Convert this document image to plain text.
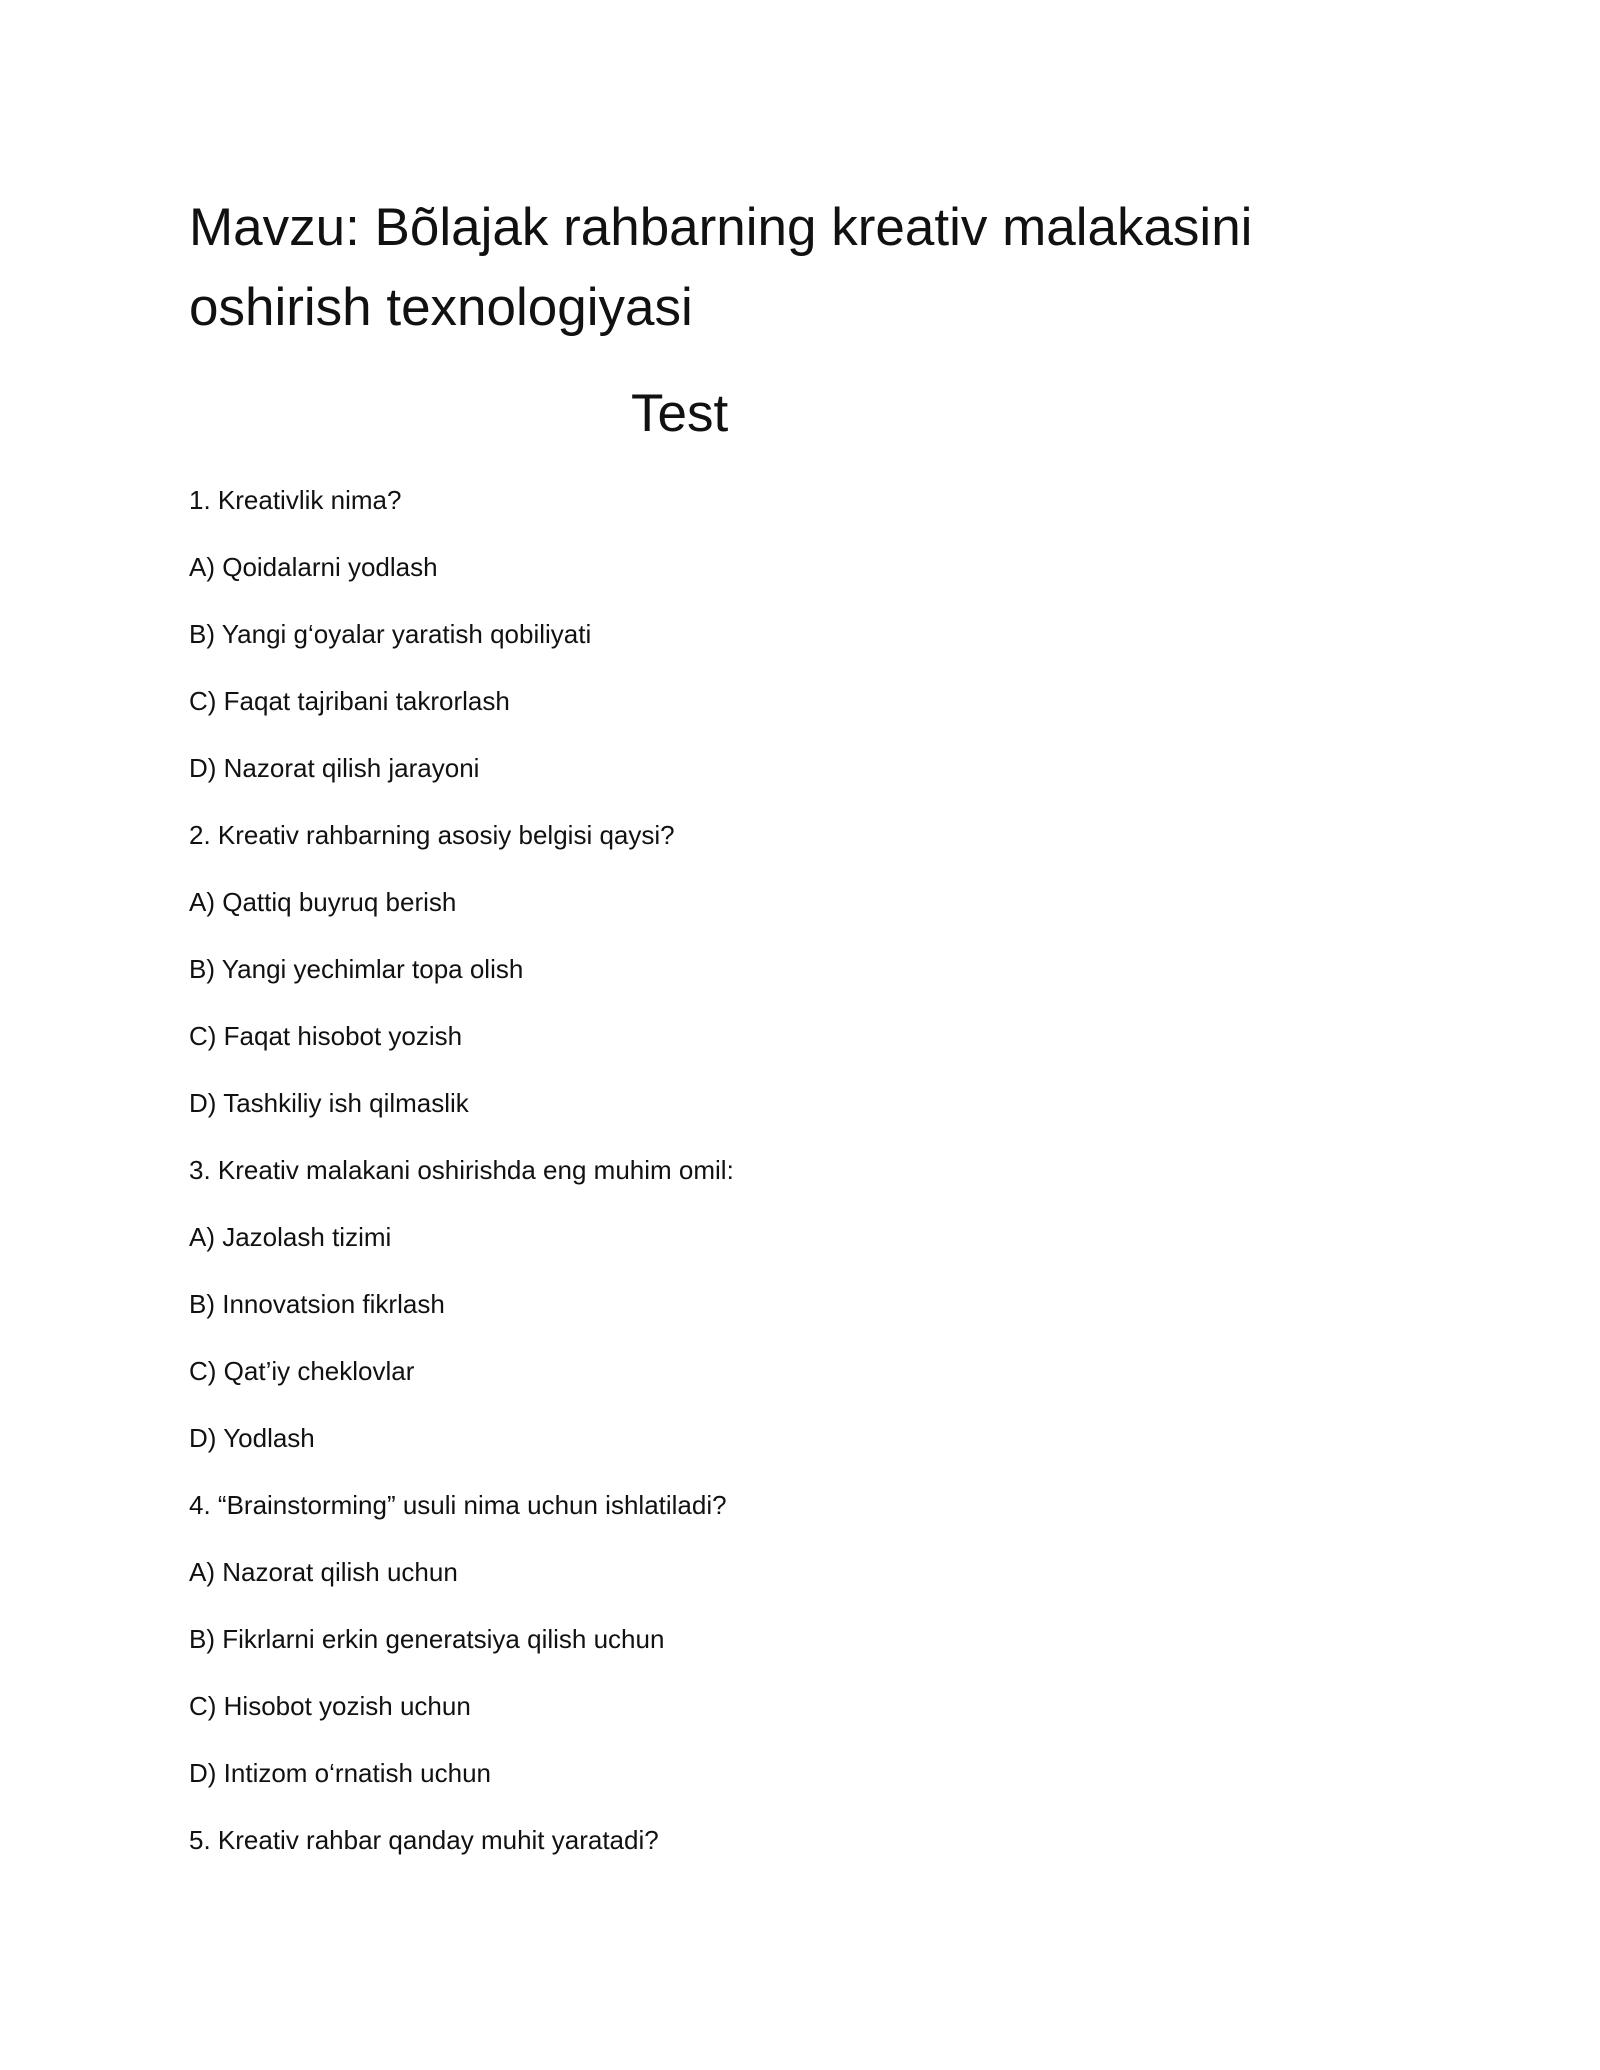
Mavzu: Bõlajak rahbarning kreativ malakasini oshirish texnologiyasi
Test
1. Kreativlik nima?
A) Qoidalarni yodlash
B) Yangi g‘oyalar yaratish qobiliyati
C) Faqat tajribani takrorlash
D) Nazorat qilish jarayoni
2. Kreativ rahbarning asosiy belgisi qaysi?
A) Qattiq buyruq berish
B) Yangi yechimlar topa olish
C) Faqat hisobot yozish
D) Tashkiliy ish qilmaslik
3. Kreativ malakani oshirishda eng muhim omil:
A) Jazolash tizimi
B) Innovatsion fikrlash
C) Qat’iy cheklovlar
D) Yodlash
4. “Brainstorming” usuli nima uchun ishlatiladi?
A) Nazorat qilish uchun
B) Fikrlarni erkin generatsiya qilish uchun
C) Hisobot yozish uchun
D) Intizom o‘rnatish uchun
5. Kreativ rahbar qanday muhit yaratadi?
